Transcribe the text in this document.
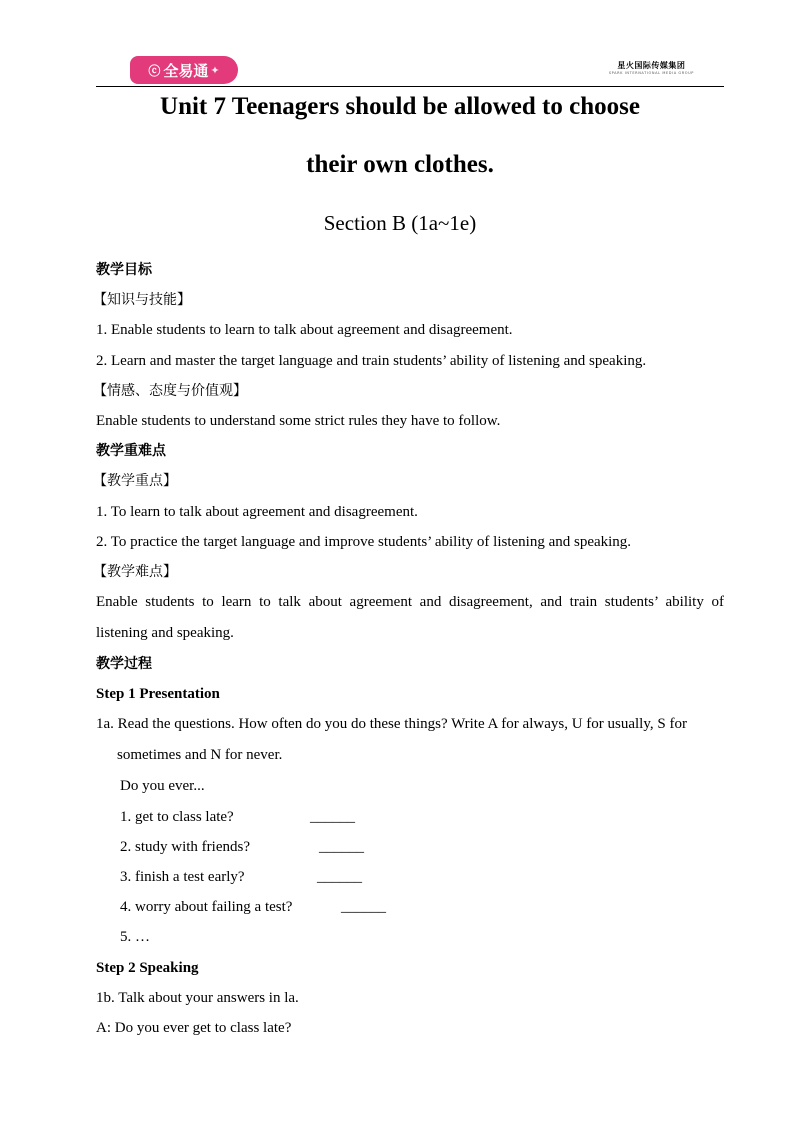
ⓒ 全易通 ✦	星火国际传媒集团
SPARK INTERNATIONAL MEDIA GROUP
Unit 7 Teenagers should be allowed to choose
their own clothes.
Section B (1a~1e)
教学目标
【知识与技能】
1. Enable students to learn to talk about agreement and disagreement.
2. Learn and master the target language and train students’ ability of listening and speaking.
【情感、态度与价值观】
Enable students to understand some strict rules they have to follow.
教学重难点
【教学重点】
1. To learn to talk about agreement and disagreement.
2. To practice the target language and improve students’ ability of listening and speaking.
【教学难点】
Enable students to learn to talk about agreement and disagreement, and train students’ ability of listening and speaking.
教学过程
Step 1 Presentation
1a. Read the questions. How often do you do these things? Write A for always, U for usually, S for sometimes and N for never.
Do you ever...
1. get to class late?	______
2. study with friends?	______
3. finish a test early?	______
4. worry about failing a test?	______
5. …
Step 2 Speaking
1b. Talk about your answers in la.
A: Do you ever get to class late?
